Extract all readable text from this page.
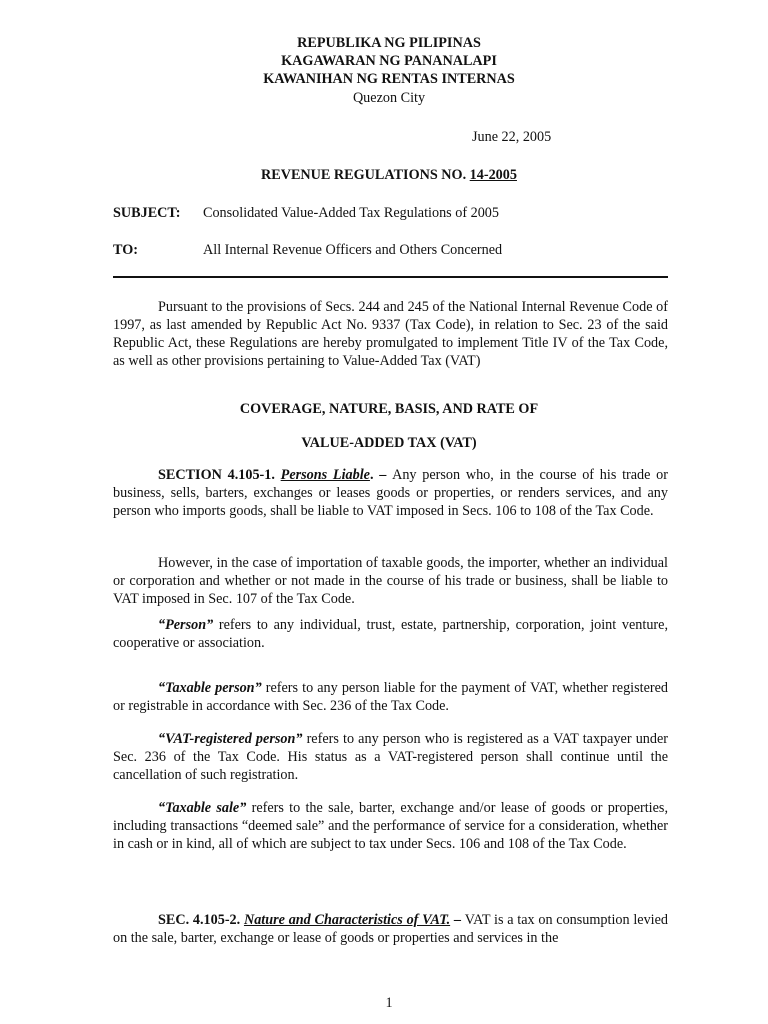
REPUBLIKA NG PILIPINAS
KAGAWARAN NG PANANALAPI
KAWANIHAN NG RENTAS INTERNAS
Quezon City
June 22, 2005
REVENUE REGULATIONS NO. 14-2005
SUBJECT: Consolidated Value-Added Tax Regulations of 2005
TO:	All Internal Revenue Officers and Others Concerned
Pursuant to the provisions of Secs. 244 and 245 of the National Internal Revenue Code of 1997, as last amended by Republic Act No. 9337 (Tax Code), in relation to Sec. 23 of the said Republic Act, these Regulations are hereby promulgated to implement Title IV of the Tax Code, as well as other provisions pertaining to Value-Added Tax (VAT)
COVERAGE, NATURE, BASIS, AND RATE OF
VALUE-ADDED TAX (VAT)
SECTION 4.105-1. Persons Liable. – Any person who, in the course of his trade or business, sells, barters, exchanges or leases goods or properties, or renders services, and any person who imports goods, shall be liable to VAT imposed in Secs. 106 to 108 of the Tax Code.
However, in the case of importation of taxable goods, the importer, whether an individual or corporation and whether or not made in the course of his trade or business, shall be liable to VAT imposed in Sec. 107 of the Tax Code.
“Person” refers to any individual, trust, estate, partnership, corporation, joint venture, cooperative or association.
“Taxable person” refers to any person liable for the payment of VAT, whether registered or registrable in accordance with Sec. 236 of the Tax Code.
“VAT-registered person” refers to any person who is registered as a VAT taxpayer under Sec. 236 of the Tax Code. His status as a VAT-registered person shall continue until the cancellation of such registration.
“Taxable sale” refers to the sale, barter, exchange and/or lease of goods or properties, including transactions “deemed sale” and the performance of service for a consideration, whether in cash or in kind, all of which are subject to tax under Secs. 106 and 108 of the Tax Code.
SEC. 4.105-2. Nature and Characteristics of VAT. – VAT is a tax on consumption levied on the sale, barter, exchange or lease of goods or properties and services in the
1
